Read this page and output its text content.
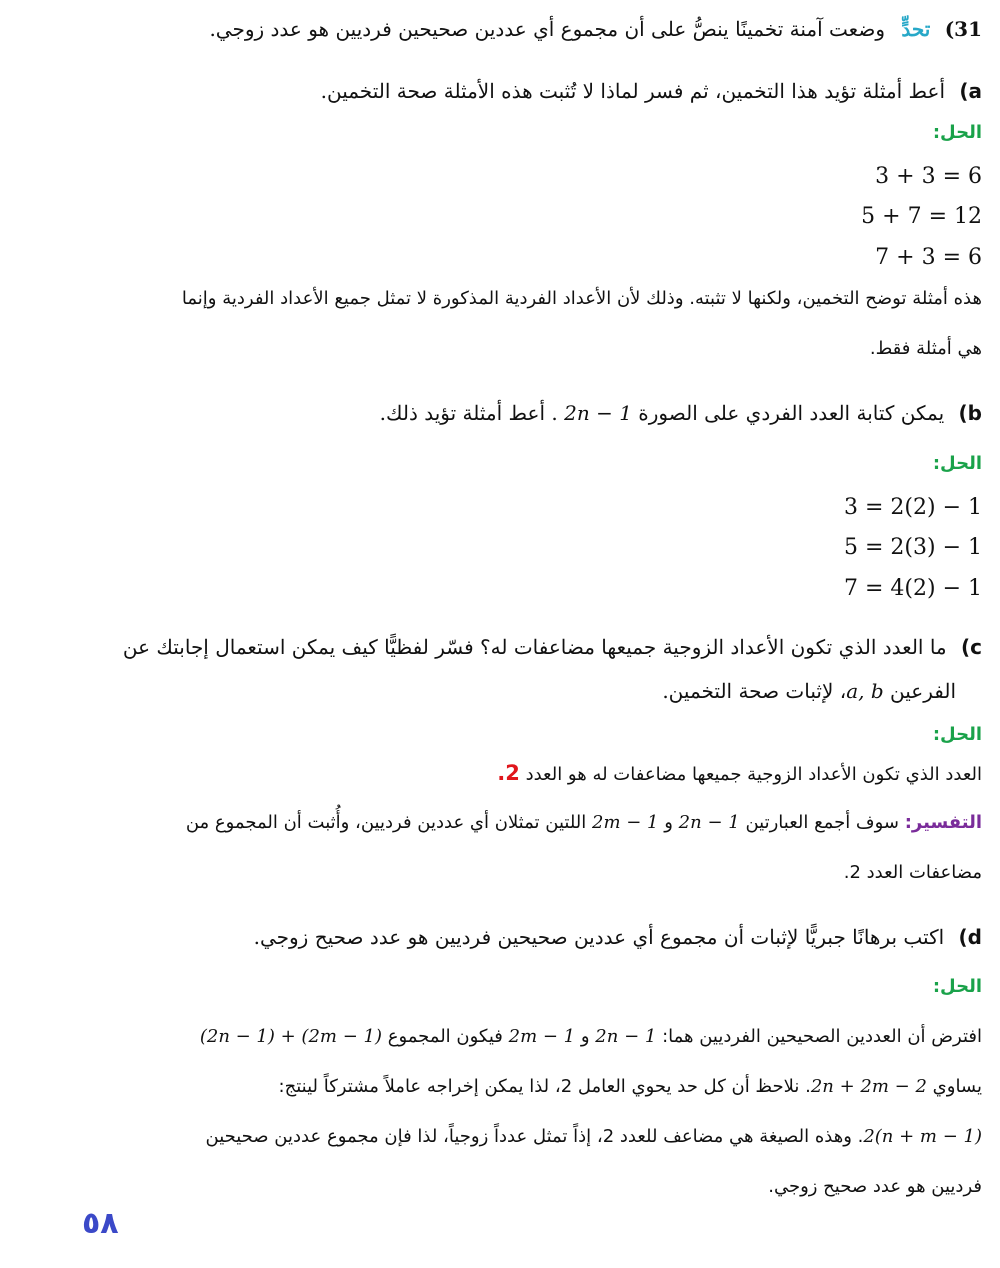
31) تحدٍّ وضعت آمنة تخمينًا ينصُّ على أن مجموع أي عددين صحيحين فرديين هو عدد زوجي.
a) أعط أمثلة تؤيد هذا التخمين، ثم فسر لماذا لا تُثبت هذه الأمثلة صحة التخمين.
الحل:
3 + 3 = 6
5 + 7 = 12
7 + 3 = 6
هذه أمثلة توضح التخمين، ولكنها لا تثبته. وذلك لأن الأعداد الفردية المذكورة لا تمثل جميع الأعداد الفردية وإنما
هي أمثلة فقط.
b) يمكن كتابة العدد الفردي على الصورة 2n − 1 . أعط أمثلة تؤيد ذلك.
الحل:
3 = 2(2) − 1
5 = 2(3) − 1
7 = 4(2) − 1
c) ما العدد الذي تكون الأعداد الزوجية جميعها مضاعفات له؟ فسّر لفظيًّا كيف يمكن استعمال إجابتك عن
الفرعين a, b، لإثبات صحة التخمين.
الحل:
العدد الذي تكون الأعداد الزوجية جميعها مضاعفات له هو العدد 2.
التفسير: سوف أجمع العبارتين 2n − 1 و 2m − 1 اللتين تمثلان أي عددين فرديين، وأُثبت أن المجموع من
مضاعفات العدد 2.
d) اكتب برهانًا جبريًّا لإثبات أن مجموع أي عددين صحيحين فرديين هو عدد صحيح زوجي.
الحل:
افترض أن العددين الصحيحين الفرديين هما: 2n − 1 و 2m − 1 فيكون المجموع (2n − 1) + (2m − 1)
يساوي 2n + 2m − 2. نلاحظ أن كل حد يحوي العامل 2، لذا يمكن إخراجه عاملاً مشتركاً لينتج:
2(n + m − 1). وهذه الصيغة هي مضاعف للعدد 2، إذاً تمثل عدداً زوجياً، لذا فإن مجموع عددين صحيحين
فرديين هو عدد صحيح زوجي.
٥٨
